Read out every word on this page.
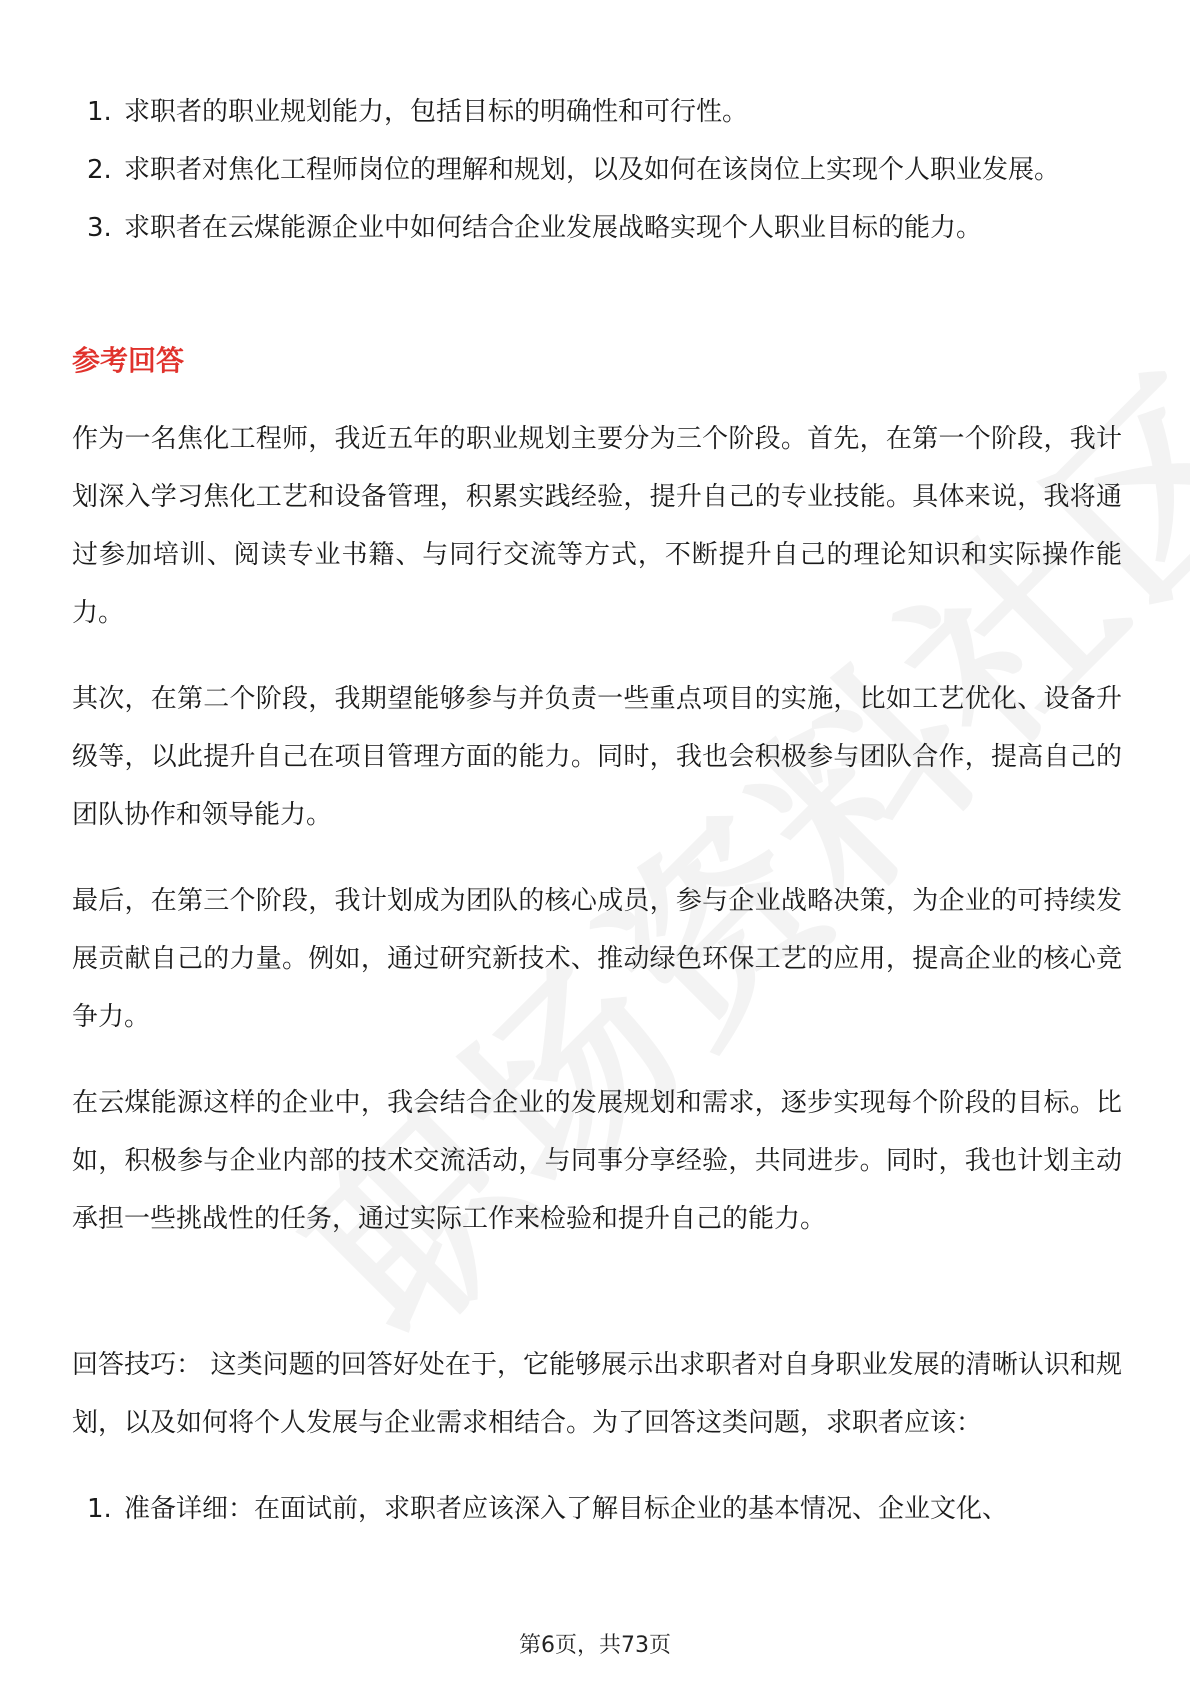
1. 求职者的职业规划能力，包括目标的明确性和可行性。
2. 求职者对焦化工程师岗位的理解和规划，以及如何在该岗位上实现个人职业发展。
3. 求职者在云煤能源企业中如何结合企业发展战略实现个人职业目标的能力。
参考回答

作为一名焦化工程师，我近五年的职业规划主要分为三个阶段。首先，在第一个阶段，我计划深入学习焦化工艺和设备管理，积累实践经验，提升自己的专业技能。具体来说，我将通过参加培训、阅读专业书籍、与同行交流等方式，不断提升自己的理论知识和实际操作能力。

其次，在第二个阶段，我期望能够参与并负责一些重点项目的实施，比如工艺优化、设备升级等，以此提升自己在项目管理方面的能力。同时，我也会积极参与团队合作，提高自己的团队协作和领导能力。

最后，在第三个阶段，我计划成为团队的核心成员，参与企业战略决策，为企业的可持续发展贡献自己的力量。例如，通过研究新技术、推动绿色环保工艺的应用，提高企业的核心竞争力。

在云煤能源这样的企业中，我会结合企业的发展规划和需求，逐步实现每个阶段的目标。比如，积极参与企业内部的技术交流活动，与同事分享经验，共同进步。同时，我也计划主动承担一些挑战性的任务，通过实际工作来检验和提升自己的能力。

回答技巧： 这类问题的回答好处在于，它能够展示出求职者对自身职业发展的清晰认识和规划，以及如何将个人发展与企业需求相结合。为了回答这类问题，求职者应该：

1. 准备详细：在面试前，求职者应该深入了解目标企业的基本情况、企业文化、
第6页，共73页
